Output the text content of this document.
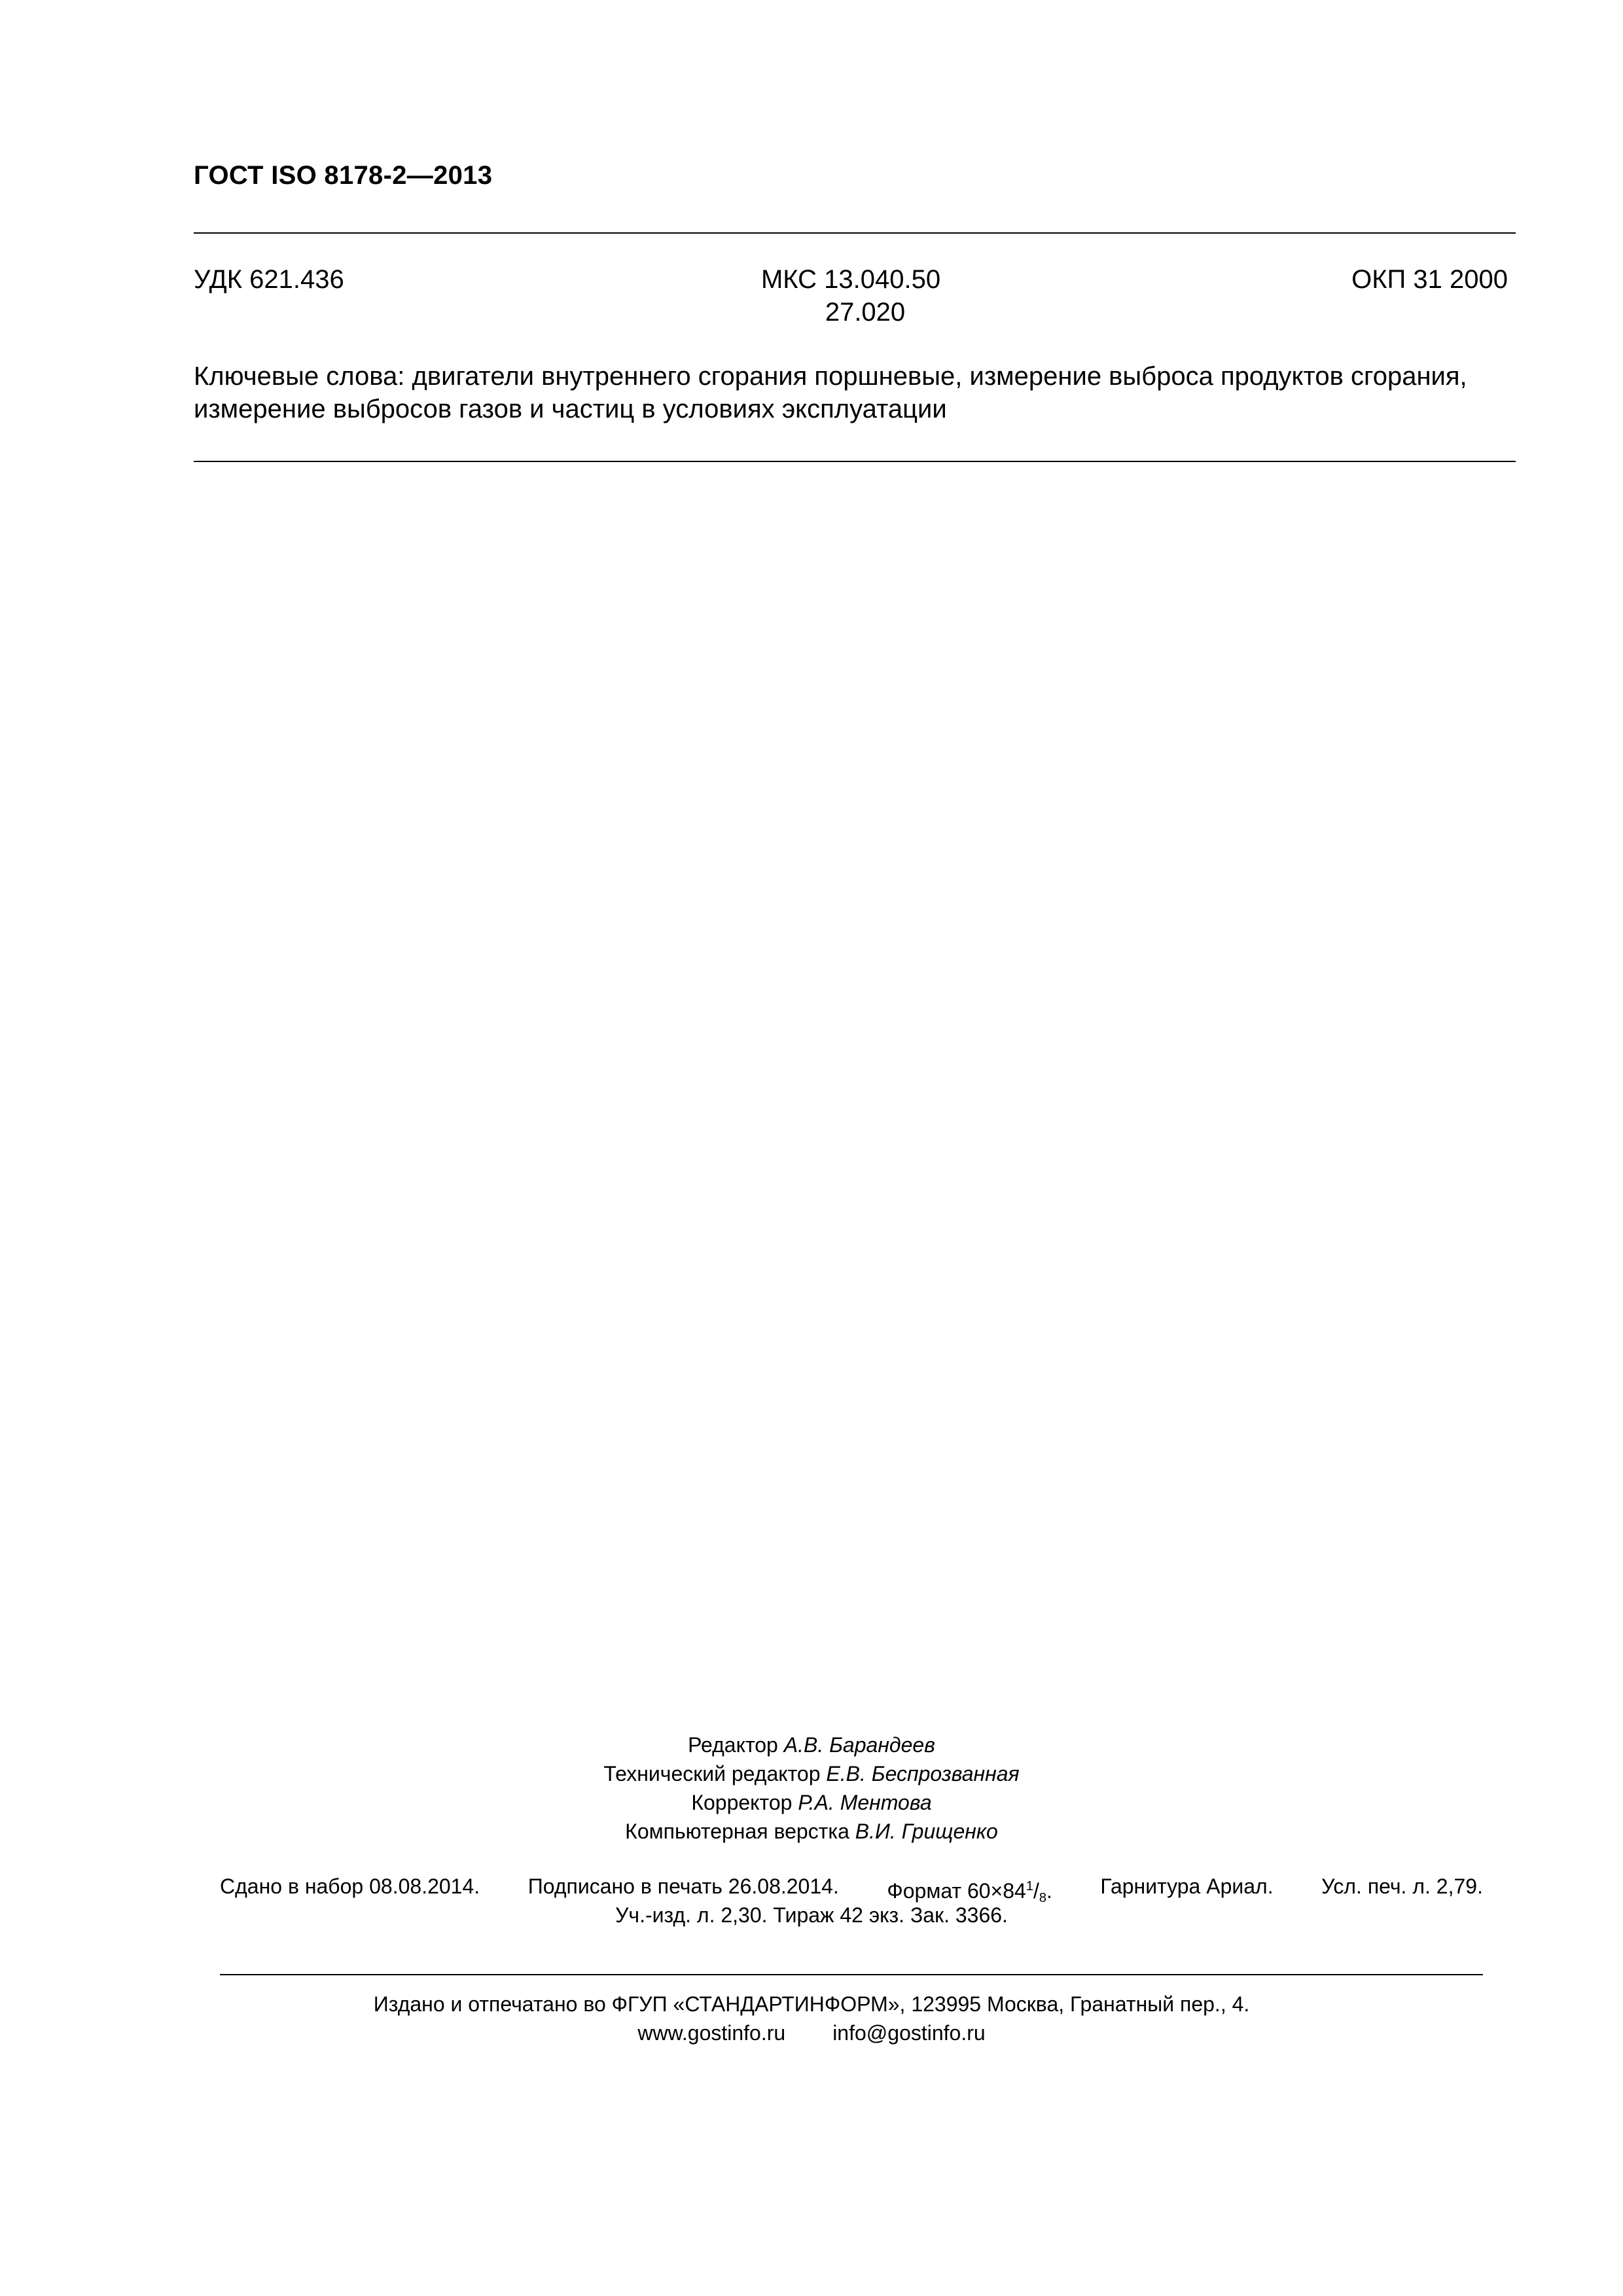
ГОСТ ISO 8178-2—2013
УДК 621.436	МКС 13.040.50
27.020
ОКП 31 2000
Ключевые слова: двигатели внутреннего сгорания поршневые, измерение выброса продуктов сгорания,
измерение выбросов газов и частиц в условиях эксплуатации
Редактор А.В. Барандеев
Технический редактор Е.В. Беспрозванная
Корректор Р.А. Ментова
Компьютерная верстка В.И. Грищенко
Сдано в набор 08.08.2014. Подписано в печать 26.08.2014. Формат $60\times 84^1/8$. Гарнитура Ариал. Усл. печ. л. 2,79.
Уч.-изд. л. 2,30. Тираж 42 экз. Зак. 3366.
Издано и отпечатано во ФГУП «СТАНДАРТИНФОРМ», 123995 Москва, Гранатный пер., 4.
www.gostinfo.ru info@gostinfo.ru
